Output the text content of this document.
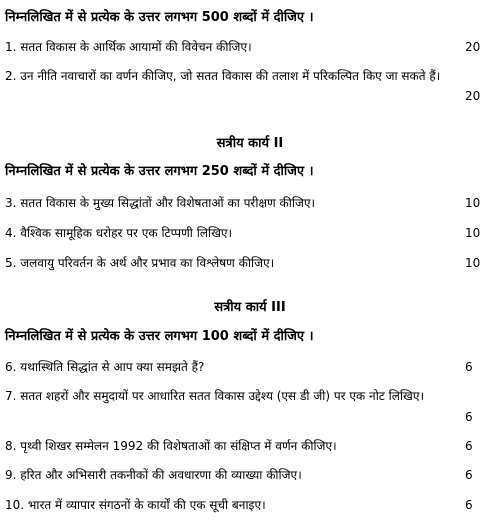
निम्नलिखित में से प्रत्येक के उत्तर लगभग 500 शब्दों में दीजिए ।
1. सतत विकास के आर्थिक आयामों की विवेचन कीजिए।	20
2. उन नीति नवाचारों का वर्णन कीजिए, जो सतत विकास की तलाश में परिकल्पित किए जा सकते हैं।
20
सत्रीय कार्य II
निम्नलिखित में से प्रत्येक के उत्तर लगभग 250 शब्दों में दीजिए ।
3. सतत विकास के मुख्य सिद्धांतों और विशेषताओं का परीक्षण कीजिए।	10
4. वैश्विक सामूहिक धरोहर पर एक टिप्पणी लिखिए।	10
5. जलवायु परिवर्तन के अर्थ और प्रभाव का विश्लेषण कीजिए।	10
सत्रीय कार्य III
निम्नलिखित में से प्रत्येक के उत्तर लगभग 100 शब्दों में दीजिए ।
6. यथास्थिति सिद्धांत से आप क्या समझते हैं?	6
7. सतत शहरों और समुदायों पर आधारित सतत विकास उद्देश्य (एस डी जी) पर एक नोट लिखिए।
6
8. पृथ्वी शिखर सम्मेलन 1992 की विशेषताओं का संक्षिप्त में वर्णन कीजिए।	6
9. हरित और अभिसारी तकनीकों की अवधारणा की व्याख्या कीजिए।	6
10. भारत में व्यापार संगठनों के कार्यों की एक सूची बनाइए।	6
